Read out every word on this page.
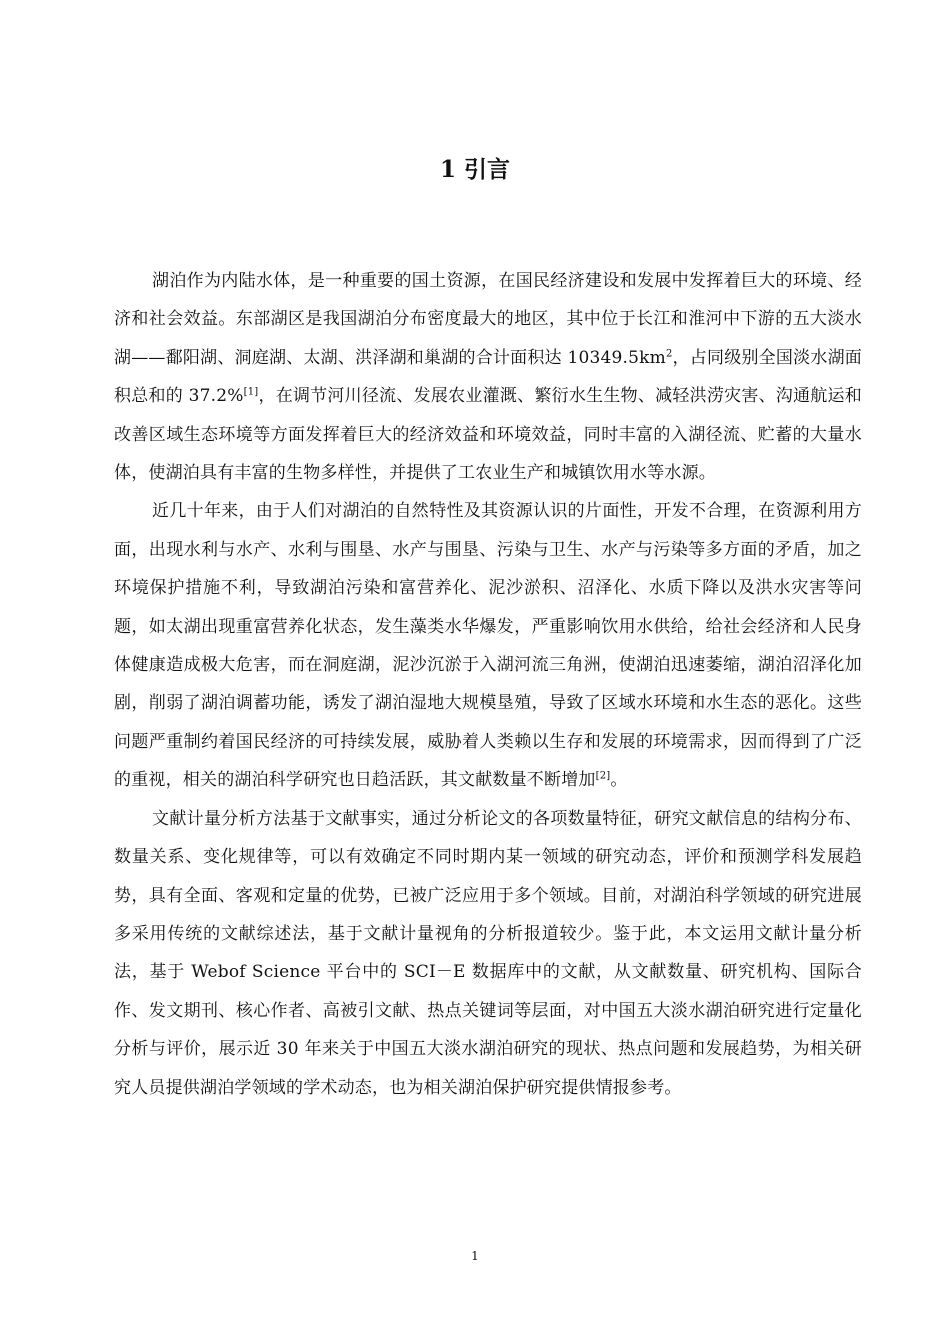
1 引言

湖泊作为内陆水体，是一种重要的国土资源，在国民经济建设和发展中发挥着巨大的环境、经济和社会效益。东部湖区是我国湖泊分布密度最大的地区，其中位于长江和淮河中下游的五大淡水湖——鄱阳湖、洞庭湖、太湖、洪泽湖和巢湖的合计面积达 $10349.5km^2$，占同级别全国淡水湖面积总和的 37.2%[1]，在调节河川径流、发展农业灌溉、繁衍水生生物、减轻洪涝灾害、沟通航运和改善区域生态环境等方面发挥着巨大的经济效益和环境效益，同时丰富的入湖径流、贮蓄的大量水体，使湖泊具有丰富的生物多样性，并提供了工农业生产和城镇饮用水等水源。

近几十年来，由于人们对湖泊的自然特性及其资源认识的片面性，开发不合理，在资源利用方面，出现水利与水产、水利与围垦、水产与围垦、污染与卫生、水产与污染等多方面的矛盾，加之环境保护措施不利，导致湖泊污染和富营养化、泥沙淤积、沼泽化、水质下降以及洪水灾害等问题，如太湖出现重富营养化状态，发生藻类水华爆发，严重影响饮用水供给，给社会经济和人民身体健康造成极大危害，而在洞庭湖，泥沙沉淤于入湖河流三角洲，使湖泊迅速萎缩，湖泊沼泽化加剧，削弱了湖泊调蓄功能，诱发了湖泊湿地大规模垦殖，导致了区域水环境和水生态的恶化。这些问题严重制约着国民经济的可持续发展，威胁着人类赖以生存和发展的环境需求，因而得到了广泛的重视，相关的湖泊科学研究也日趋活跃，其文献数量不断增加[2]。

文献计量分析方法基于文献事实，通过分析论文的各项数量特征，研究文献信息的结构分布、数量关系、变化规律等，可以有效确定不同时期内某一领域的研究动态，评价和预测学科发展趋势，具有全面、客观和定量的优势，已被广泛应用于多个领域。目前，对湖泊科学领域的研究进展多采用传统的文献综述法，基于文献计量视角的分析报道较少。鉴于此，本文运用文献计量分析法，基于 Webof Science 平台中的 SCI－E 数据库中的文献，从文献数量、研究机构、国际合作、发文期刊、核心作者、高被引文献、热点关键词等层面，对中国五大淡水湖泊研究进行定量化分析与评价，展示近 30 年来关于中国五大淡水湖泊研究的现状、热点问题和发展趋势，为相关研究人员提供湖泊学领域的学术动态，也为相关湖泊保护研究提供情报参考。

1
